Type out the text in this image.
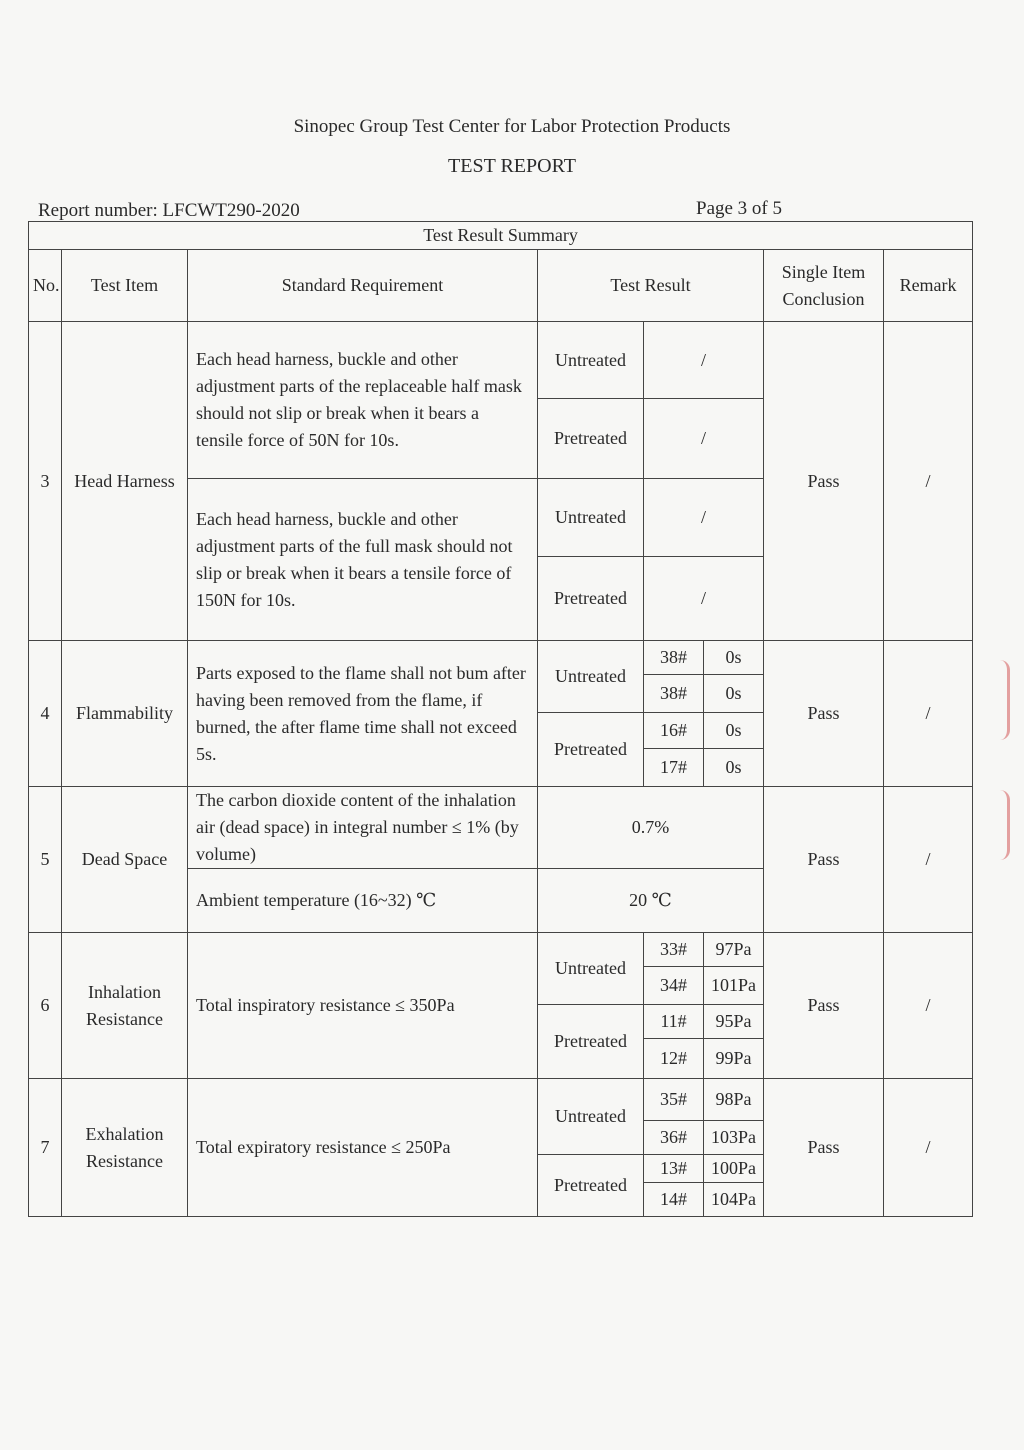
Sinopec Group Test Center for Labor Protection Products
TEST REPORT
Report number: LFCWT290-2020	Page 3 of 5
Test Result Summary							
No.	Test Item	Standard Requirement	Test Result			Single Item Conclusion	Remark
3	Head Harness	Each head harness, buckle and other adjustment parts of the replaceable half mask should not slip or break when it bears a tensile force of 50N for 10s.	Untreated	/		Pass	/
			Pretreated	/			
		Each head harness, buckle and other adjustment parts of the full mask should not slip or break when it bears a tensile force of 150N for 10s.	Untreated	/			
			Pretreated	/			
4	Flammability	Parts exposed to the flame shall not bum after having been removed from the flame, if burned, the after flame time shall not exceed 5s.	Untreated	38#	0s	Pass	/
				38#	0s		
			Pretreated	16#	0s		
				17#	0s		
5	Dead Space	The carbon dioxide content of the inhalation air (dead space) in integral number ≤ 1% (by volume)	0.7%			Pass	/
		Ambient temperature (16~32) ℃	20 ℃				
6	Inhalation Resistance	Total inspiratory resistance ≤ 350Pa	Untreated	33#	97Pa	Pass	/
				34#	101Pa		
			Pretreated	11#	95Pa		
				12#	99Pa		
7	Exhalation Resistance	Total expiratory resistance ≤ 250Pa	Untreated	35#	98Pa	Pass	/
				36#	103Pa		
			Pretreated	13#	100Pa		
				14#	104Pa		
